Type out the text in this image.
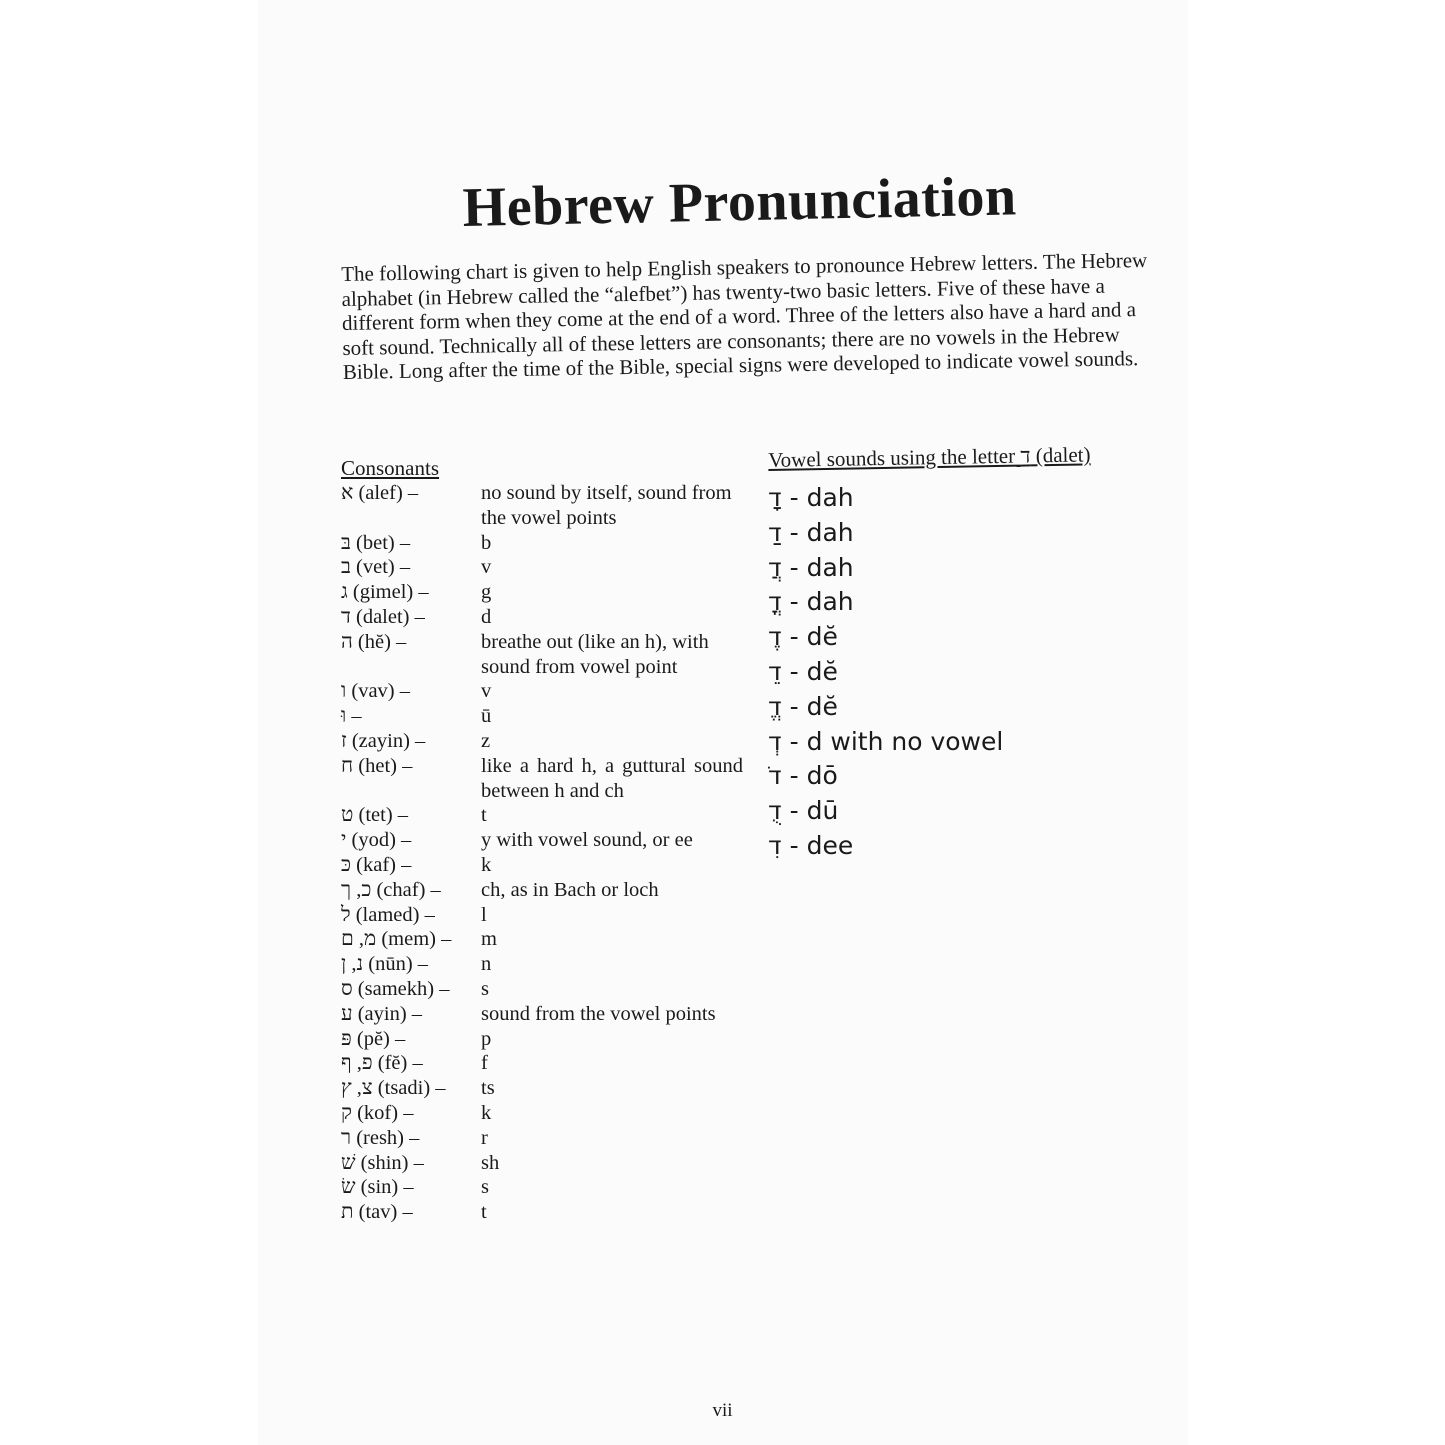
Hebrew Pronunciation

The following chart is given to help English speakers to pronounce Hebrew letters. The Hebrew alphabet (in Hebrew called the “alefbet”) has twenty-two basic letters. Five of these have a different form when they come at the end of a word. Three of the letters also have a hard and a soft sound. Technically all of these letters are consonants; there are no vowels in the Hebrew Bible. Long after the time of the Bible, special signs were developed to indicate vowel sounds.

Consonants	Vowel sounds using the letter ד (dalet)
א (alef) –	no sound by itself, sound from the vowel points
בּ (bet) –	b
ב (vet) –	v
ג (gimel) –	g
ד (dalet) –	d
ה (hĕ) –	breathe out (like an h), with sound from vowel point
ו (vav) –	v
וּ –	ū
ז (zayin) –	z
ח (het) –	like a hard h, a guttural sound between h and ch
ט (tet) –	t
י (yod) –	y with vowel sound, or ee
כּ (kaf) –	k
כ, ך (chaf) –	ch, as in Bach or loch
ל (lamed) –	l
מ, ם (mem) –	m
נ, ן (nūn) –	n
ס (samekh) –	s
ע (ayin) –	sound from the vowel points
פּ (pĕ) –	p
פ, ף (fĕ) –	f
צ, ץ (tsadi) –	ts
ק (kof) –	k
ר (resh) –	r
שׁ (shin) –	sh
שׂ (sin) –	s
ת (tav) –	t
דָ - dah
דַ - dah
דֲ - dah
דֳ - dah
דֶ - dĕ
דֵ - dĕ
דֱ - dĕ
דְ - d with no vowel
דֹ - dō
דֻ - dū
דִ - dee
vii
